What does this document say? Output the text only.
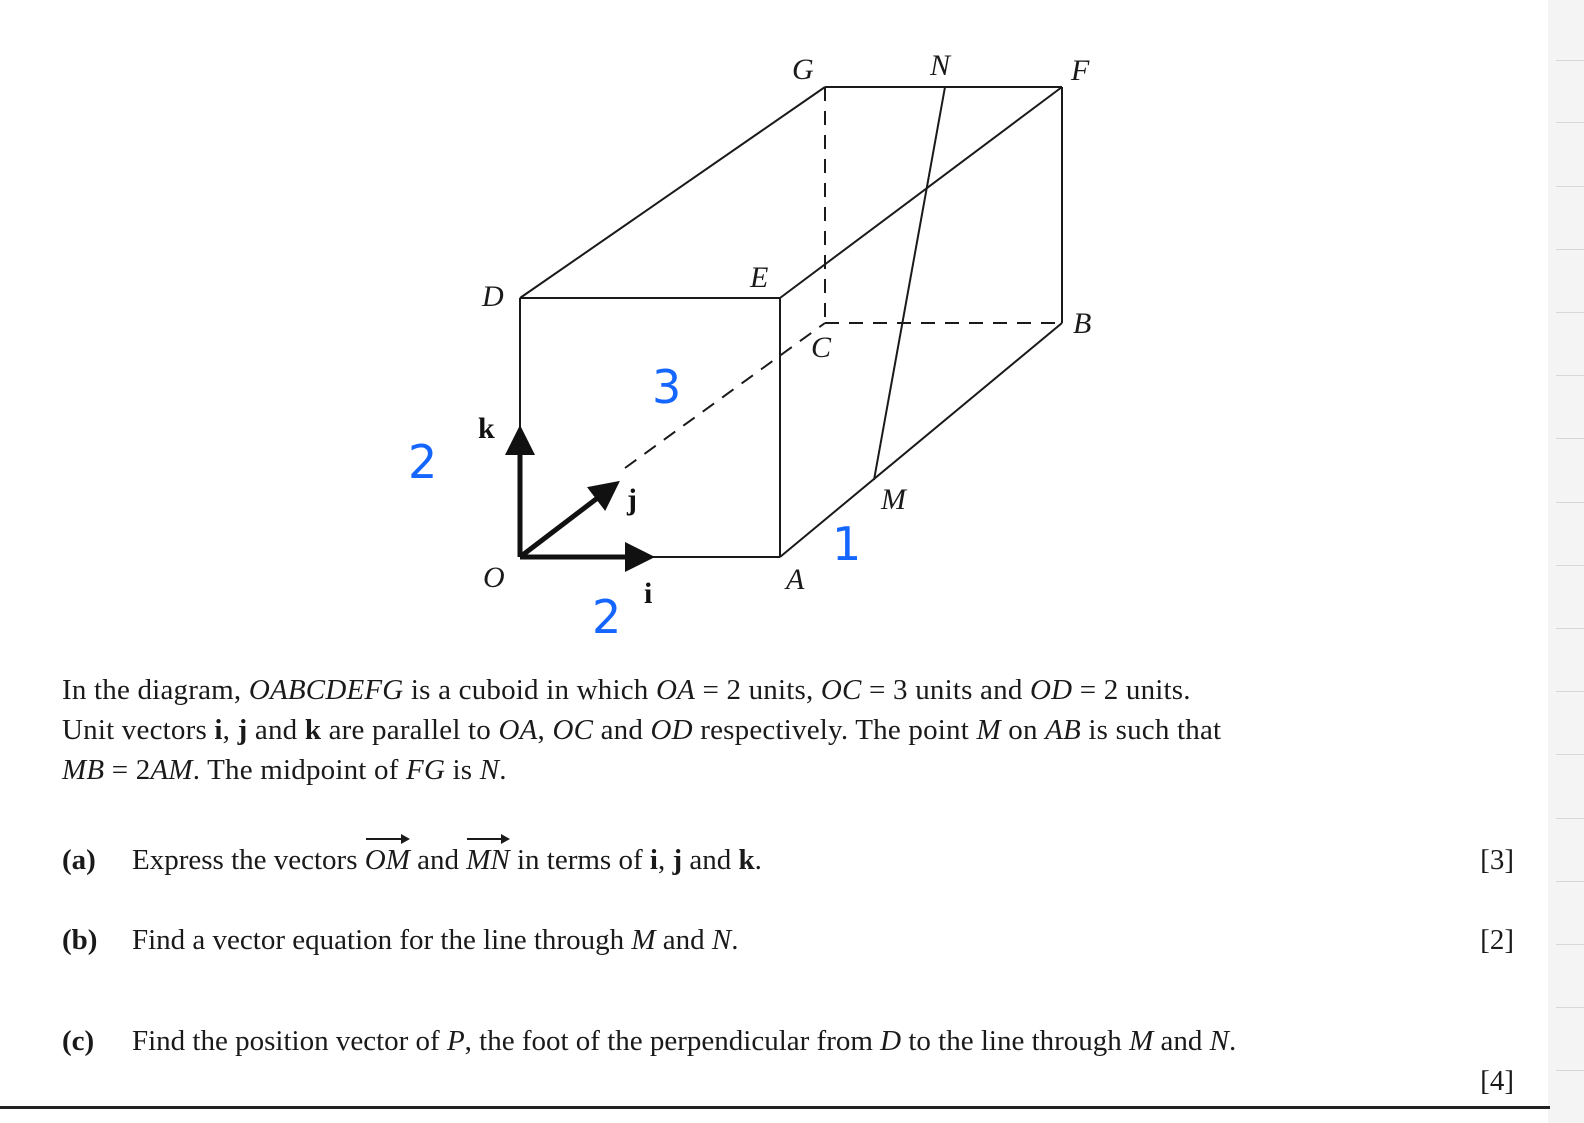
G	N	F
D
E
B
C
M
O	A
k
j
i
3
2
2
1
In the diagram, OABCDEFG is a cuboid in which OA = 2 units, OC = 3 units and OD = 2 units.
Unit vectors i, j and k are parallel to OA, OC and OD respectively. The point M on AB is such that
MB = 2AM. The midpoint of FG is N.
(a) Express the vectors OM and MN in terms of i, j and k.	[3]
(b) Find a vector equation for the line through M and N.	[2]
(c) Find the position vector of P, the foot of the perpendicular from D to the line through M and N.
[4]
